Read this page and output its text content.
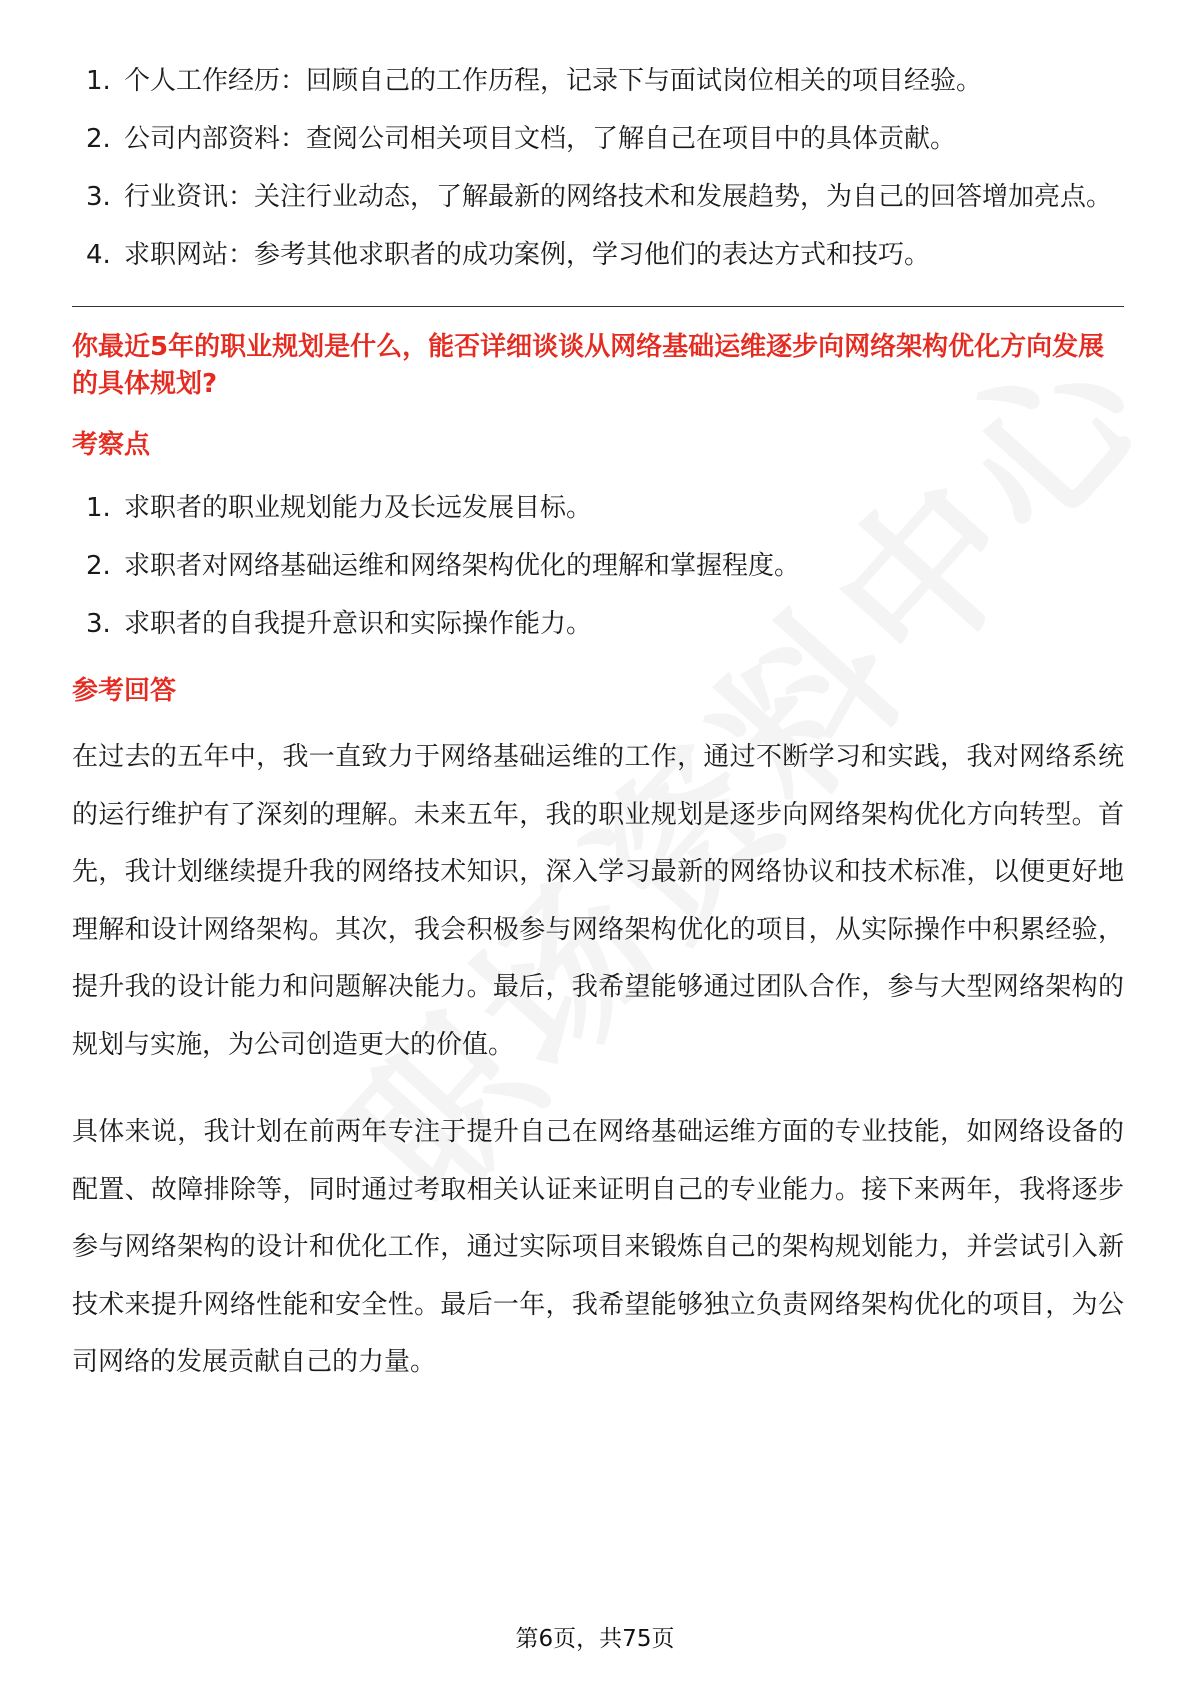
1. 个人工作经历：回顾自己的工作历程，记录下与面试岗位相关的项目经验。
2. 公司内部资料：查阅公司相关项目文档，了解自己在项目中的具体贡献。
3. 行业资讯：关注行业动态，了解最新的网络技术和发展趋势，为自己的回答增加亮点。
4. 求职网站：参考其他求职者的成功案例，学习他们的表达方式和技巧。
你最近5年的职业规划是什么，能否详细谈谈从网络基础运维逐步向网络架构优化方向发展的具体规划?
考察点
1. 求职者的职业规划能力及长远发展目标。
2. 求职者对网络基础运维和网络架构优化的理解和掌握程度。
3. 求职者的自我提升意识和实际操作能力。
参考回答

在过去的五年中，我一直致力于网络基础运维的工作，通过不断学习和实践，我对网络系统的运行维护有了深刻的理解。未来五年，我的职业规划是逐步向网络架构优化方向转型。首先，我计划继续提升我的网络技术知识，深入学习最新的网络协议和技术标准，以便更好地理解和设计网络架构。其次，我会积极参与网络架构优化的项目，从实际操作中积累经验，提升我的设计能力和问题解决能力。最后，我希望能够通过团队合作，参与大型网络架构的规划与实施，为公司创造更大的价值。

具体来说，我计划在前两年专注于提升自己在网络基础运维方面的专业技能，如网络设备的配置、故障排除等，同时通过考取相关认证来证明自己的专业能力。接下来两年，我将逐步参与网络架构的设计和优化工作，通过实际项目来锻炼自己的架构规划能力，并尝试引入新技术来提升网络性能和安全性。最后一年，我希望能够独立负责网络架构优化的项目，为公司网络的发展贡献自己的力量。

第6页，共75页
